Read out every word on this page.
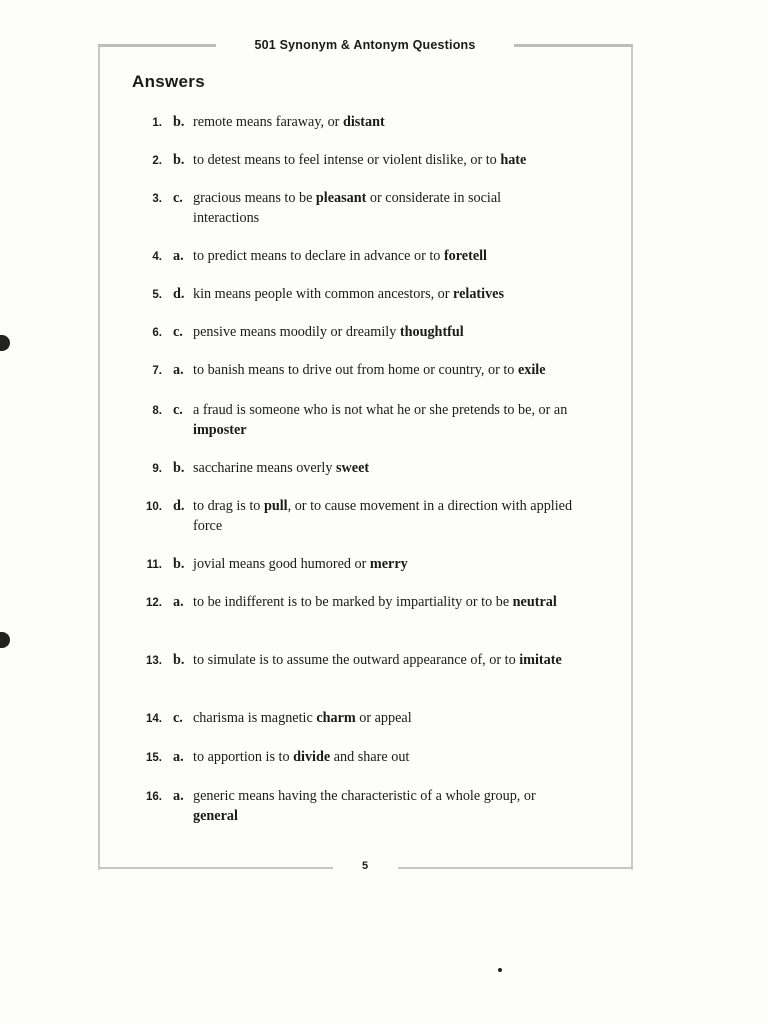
501 Synonym & Antonym Questions
Answers
1. b. remote means faraway, or distant
2. b. to detest means to feel intense or violent dislike, or to hate
3. c. gracious means to be pleasant or considerate in social interactions
4. a. to predict means to declare in advance or to foretell
5. d. kin means people with common ancestors, or relatives
6. c. pensive means moodily or dreamily thoughtful
7. a. to banish means to drive out from home or country, or to exile
8. c. a fraud is someone who is not what he or she pretends to be, or an imposter
9. b. saccharine means overly sweet
10. d. to drag is to pull, or to cause movement in a direction with applied force
11. b. jovial means good humored or merry
12. a. to be indifferent is to be marked by impartiality or to be neutral
13. b. to simulate is to assume the outward appearance of, or to imitate
14. c. charisma is magnetic charm or appeal
15. a. to apportion is to divide and share out
16. a. generic means having the characteristic of a whole group, or general
5
